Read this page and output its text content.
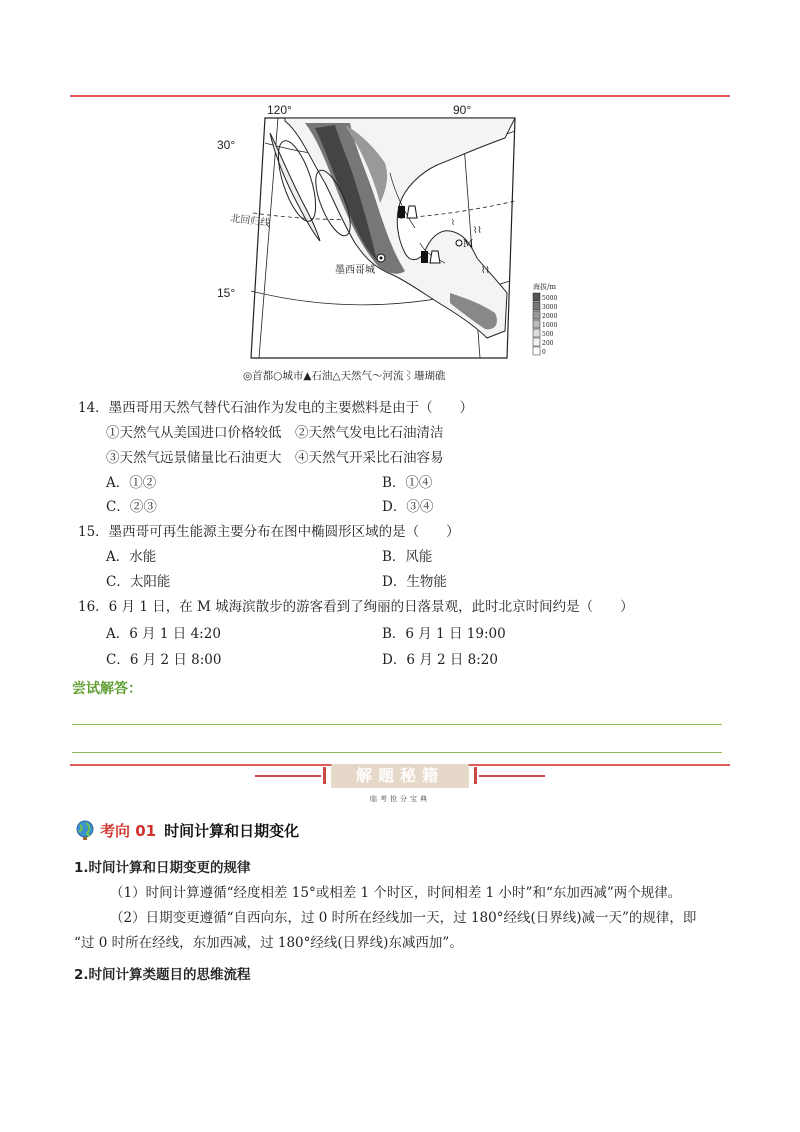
⌇⌇
⌇⌇
⌇
M
墨西哥城
北回归线
120°	90°
30°
15°	海拔/m
5000
3000
2000
1000
500
200
0
◎首都○城市▲石油△天然气〜河流⌇珊瑚礁
14．墨西哥用天然气替代石油作为发电的主要燃料是由于（　　）
①天然气从美国进口价格较低　②天然气发电比石油清洁
③天然气远景储量比石油更大　④天然气开采比石油容易
A．①②	B．①④
C．②③	D．③④
15．墨西哥可再生能源主要分布在图中椭圆形区域的是（　　）
A．水能	B．风能
C．太阳能	D．生物能
16．6 月 1 日，在 M 城海滨散步的游客看到了绚丽的日落景观，此时北京时间约是（　　）
A．6 月 1 日 4:20	B．6 月 1 日 19:00
C．6 月 2 日 8:00	D．6 月 2 日 8:20
尝试解答：
解题秘籍
临考抢分宝典
考向 01 时间计算和日期变化
1.时间计算和日期变更的规律
（1）时间计算遵循“经度相差 15°或相差 1 个时区，时间相差 1 小时”和“东加西减”两个规律。
（2）日期变更遵循“自西向东，过 0 时所在经线加一天，过 180°经线(日界线)减一天”的规律，即
“过 0 时所在经线，东加西减，过 180°经线(日界线)东减西加”。
2.时间计算类题目的思维流程
